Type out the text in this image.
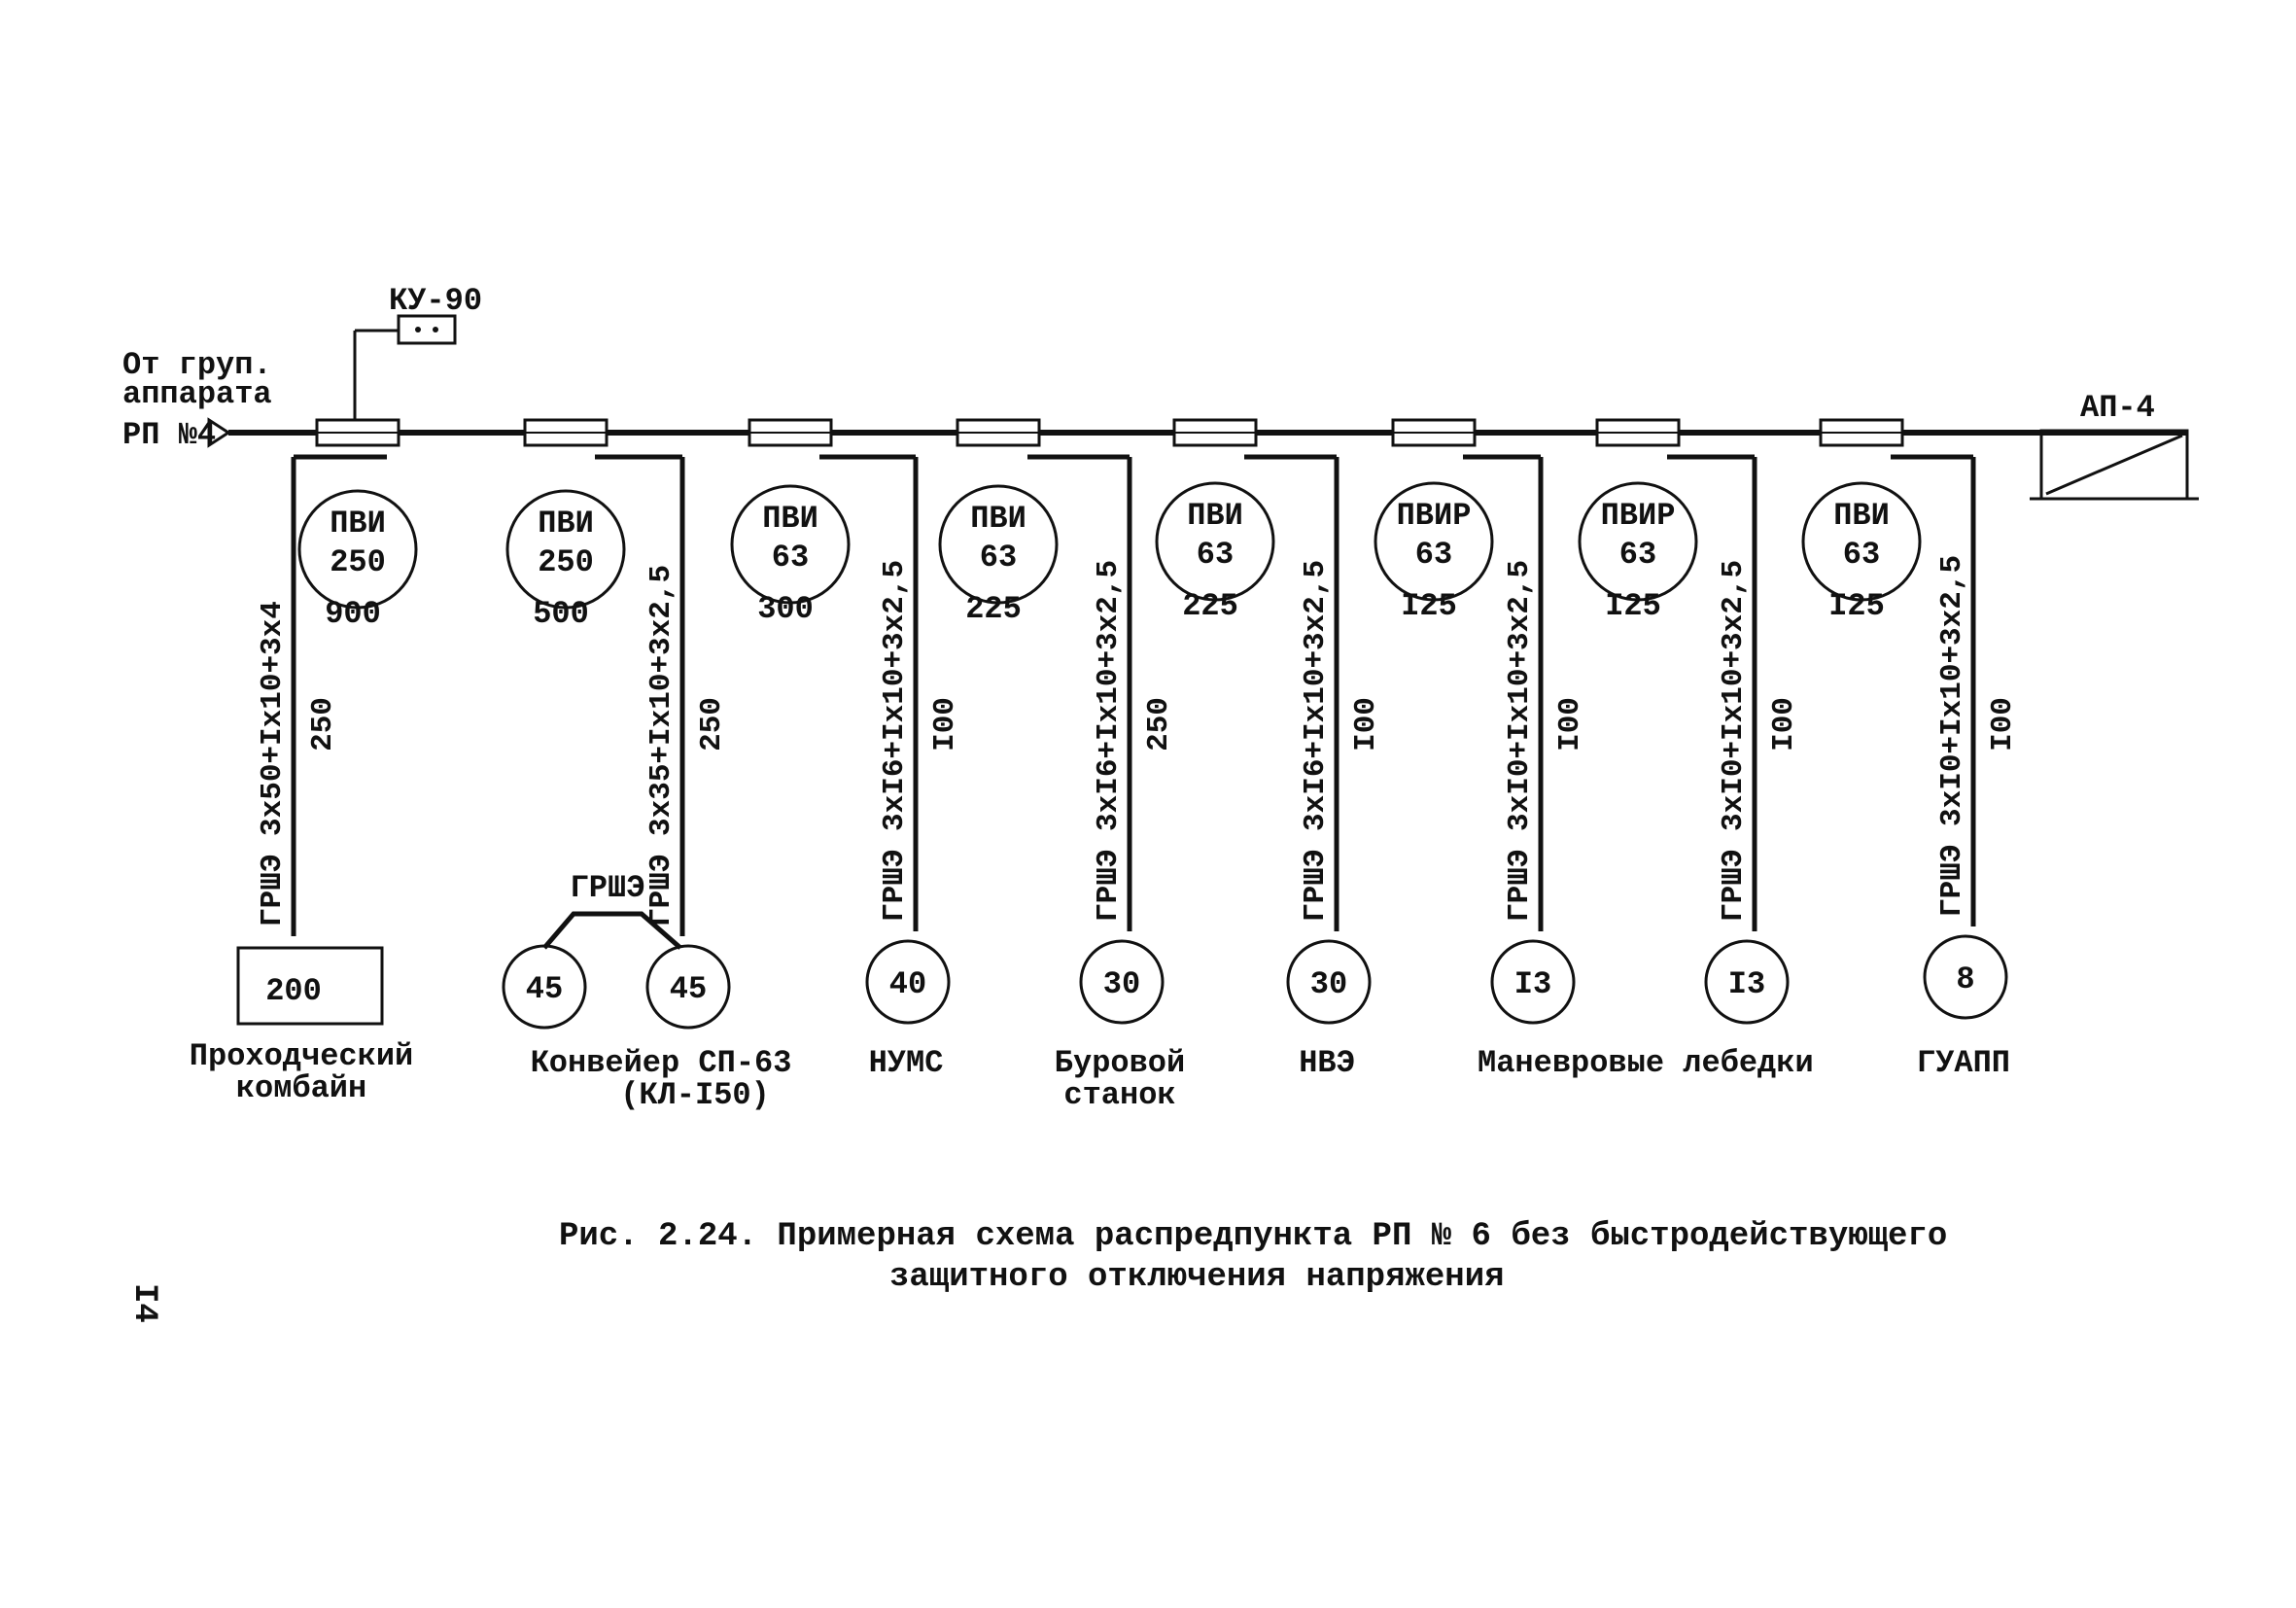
От груп.
аппарата
РП №4
КУ-90
АП-4
ПВИ
250
900
ГРШЭ 3x50+Ix10+3x4 250
200
Проходческий
комбайн
ПВИ
250
500 ГРШЭ 3x35+Ix10+3x2,5 250
45	45
ГРШЭ
Конвейер СП-63
(КЛ-I50)
ПВИ
63
300 ГРШЭ 3xI6+Ix10+3x2,5 I00
40
НУМС
ПВИ
63
225 ГРШЭ 3xI6+Ix10+3x2,5 250
30
Буровой
станок
ПВИ
63
225 ГРШЭ 3xI6+Ix10+3x2,5 I00
30
НВЭ
ПВИР
63
I25 ГРШЭ 3xI0+Ix10+3x2,5 I00
I3
ПВИР
63
I25 ГРШЭ 3xI0+Ix10+3x2,5 I00
I3
ПВИ
63
I25 ГРШЭ 3xI0+Ix10+3x2,5 I00
8
ГУАПП
Рис. 2.24. Примерная схема распредпункта РП № 6 без быстродействующего
защитного отключения напряжения
I4
Маневровые лебедки
